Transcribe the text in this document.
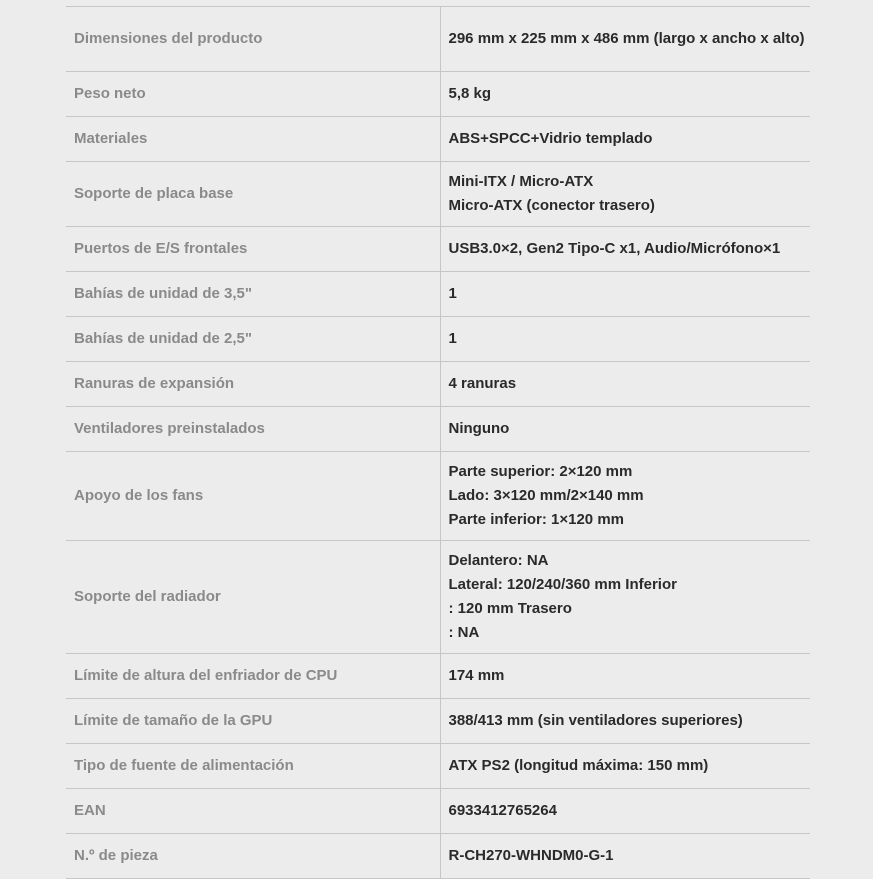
Dimensiones del producto	296 mm x 225 mm x 486 mm (largo x ancho x alto)

Peso neto	5,8 kg

Materiales	ABS+SPCC+Vidrio templado

Soporte de placa base	Mini-ITX / Micro-ATX
Micro-ATX (conector trasero)

Puertos de E/S frontales	USB3.0×2, Gen2 Tipo-C x1, Audio/Micrófono×1

Bahías de unidad de 3,5"	1

Bahías de unidad de 2,5"	1

Ranuras de expansión	4 ranuras

Ventiladores preinstalados	Ninguno

Apoyo de los fans	Parte superior: 2×120 mm
Lado: 3×120 mm/2×140 mm
Parte inferior: 1×120 mm

Soporte del radiador	Delantero: NA
Lateral: 120/240/360 mm Inferior
: 120 mm Trasero
: NA

Límite de altura del enfriador de CPU	174 mm

Límite de tamaño de la GPU	388/413 mm (sin ventiladores superiores)

Tipo de fuente de alimentación	ATX PS2 (longitud máxima: 150 mm)

EAN	6933412765264

N.º de pieza	R-CH270-WHNDM0-G-1
